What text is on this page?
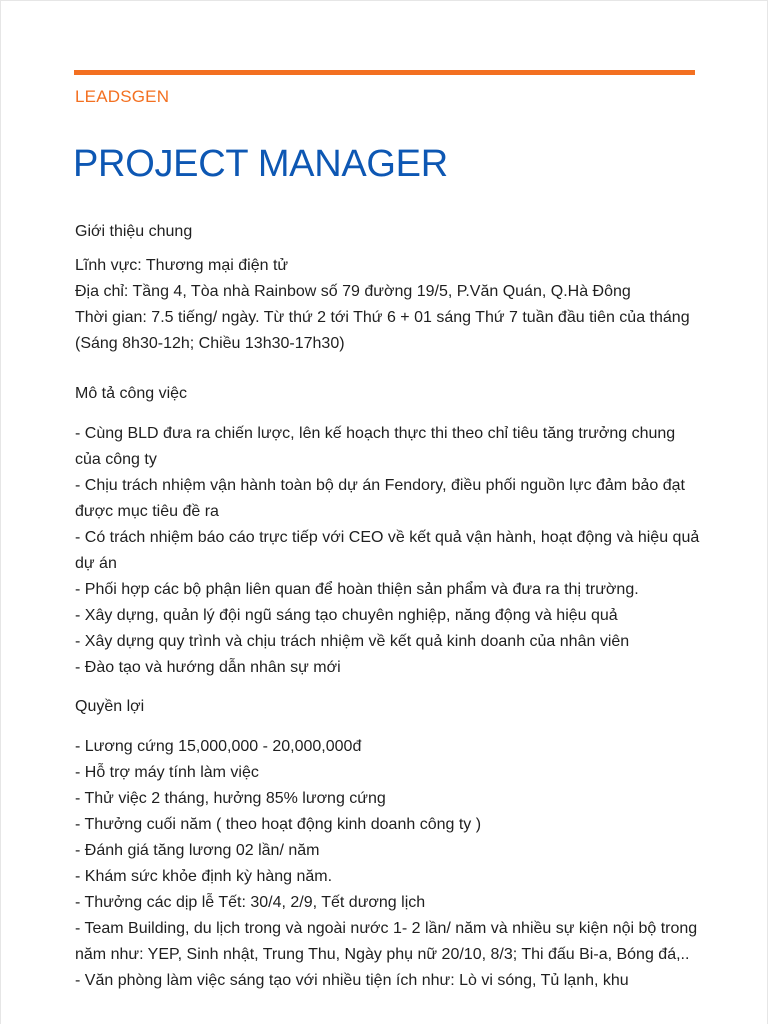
LEADSGEN
PROJECT MANAGER
Giới thiệu chung

Lĩnh vực: Thương mại điện tử

Địa chỉ: Tầng 4, Tòa nhà Rainbow số 79 đường 19/5, P.Văn Quán, Q.Hà Đông

Thời gian: 7.5 tiếng/ ngày. Từ thứ 2 tới Thứ 6 + 01 sáng Thứ 7 tuần đầu tiên của tháng (Sáng 8h30-12h; Chiều 13h30-17h30)

Mô tả công việc

- Cùng BLD đưa ra chiến lược, lên kế hoạch thực thi theo chỉ tiêu tăng trưởng chung của công ty

- Chịu trách nhiệm vận hành toàn bộ dự án Fendory, điều phối nguồn lực đảm bảo đạt được mục tiêu đề ra

- Có trách nhiệm báo cáo trực tiếp với CEO về kết quả vận hành, hoạt động và hiệu quả dự án

- Phối hợp các bộ phận liên quan để hoàn thiện sản phẩm và đưa ra thị trường.

- Xây dựng, quản lý đội ngũ sáng tạo chuyên nghiệp, năng động và hiệu quả

- Xây dựng quy trình và chịu trách nhiệm về kết quả kinh doanh của nhân viên

- Đào tạo và hướng dẫn nhân sự mới

Quyền lợi

- Lương cứng 15,000,000 - 20,000,000đ

- Hỗ trợ máy tính làm việc

- Thử việc 2 tháng, hưởng 85% lương cứng

- Thưởng cuối năm ( theo hoạt động kinh doanh công ty )

- Đánh giá tăng lương 02 lần/ năm

- Khám sức khỏe định kỳ hàng năm.

- Thưởng các dịp lễ Tết: 30/4, 2/9, Tết dương lịch

- Team Building, du lịch trong và ngoài nước 1- 2 lần/ năm và nhiều sự kiện nội bộ trong năm như: YEP, Sinh nhật, Trung Thu, Ngày phụ nữ 20/10, 8/3; Thi đấu Bi-a, Bóng đá,..

- Văn phòng làm việc sáng tạo với nhiều tiện ích như: Lò vi sóng, Tủ lạnh, khu
